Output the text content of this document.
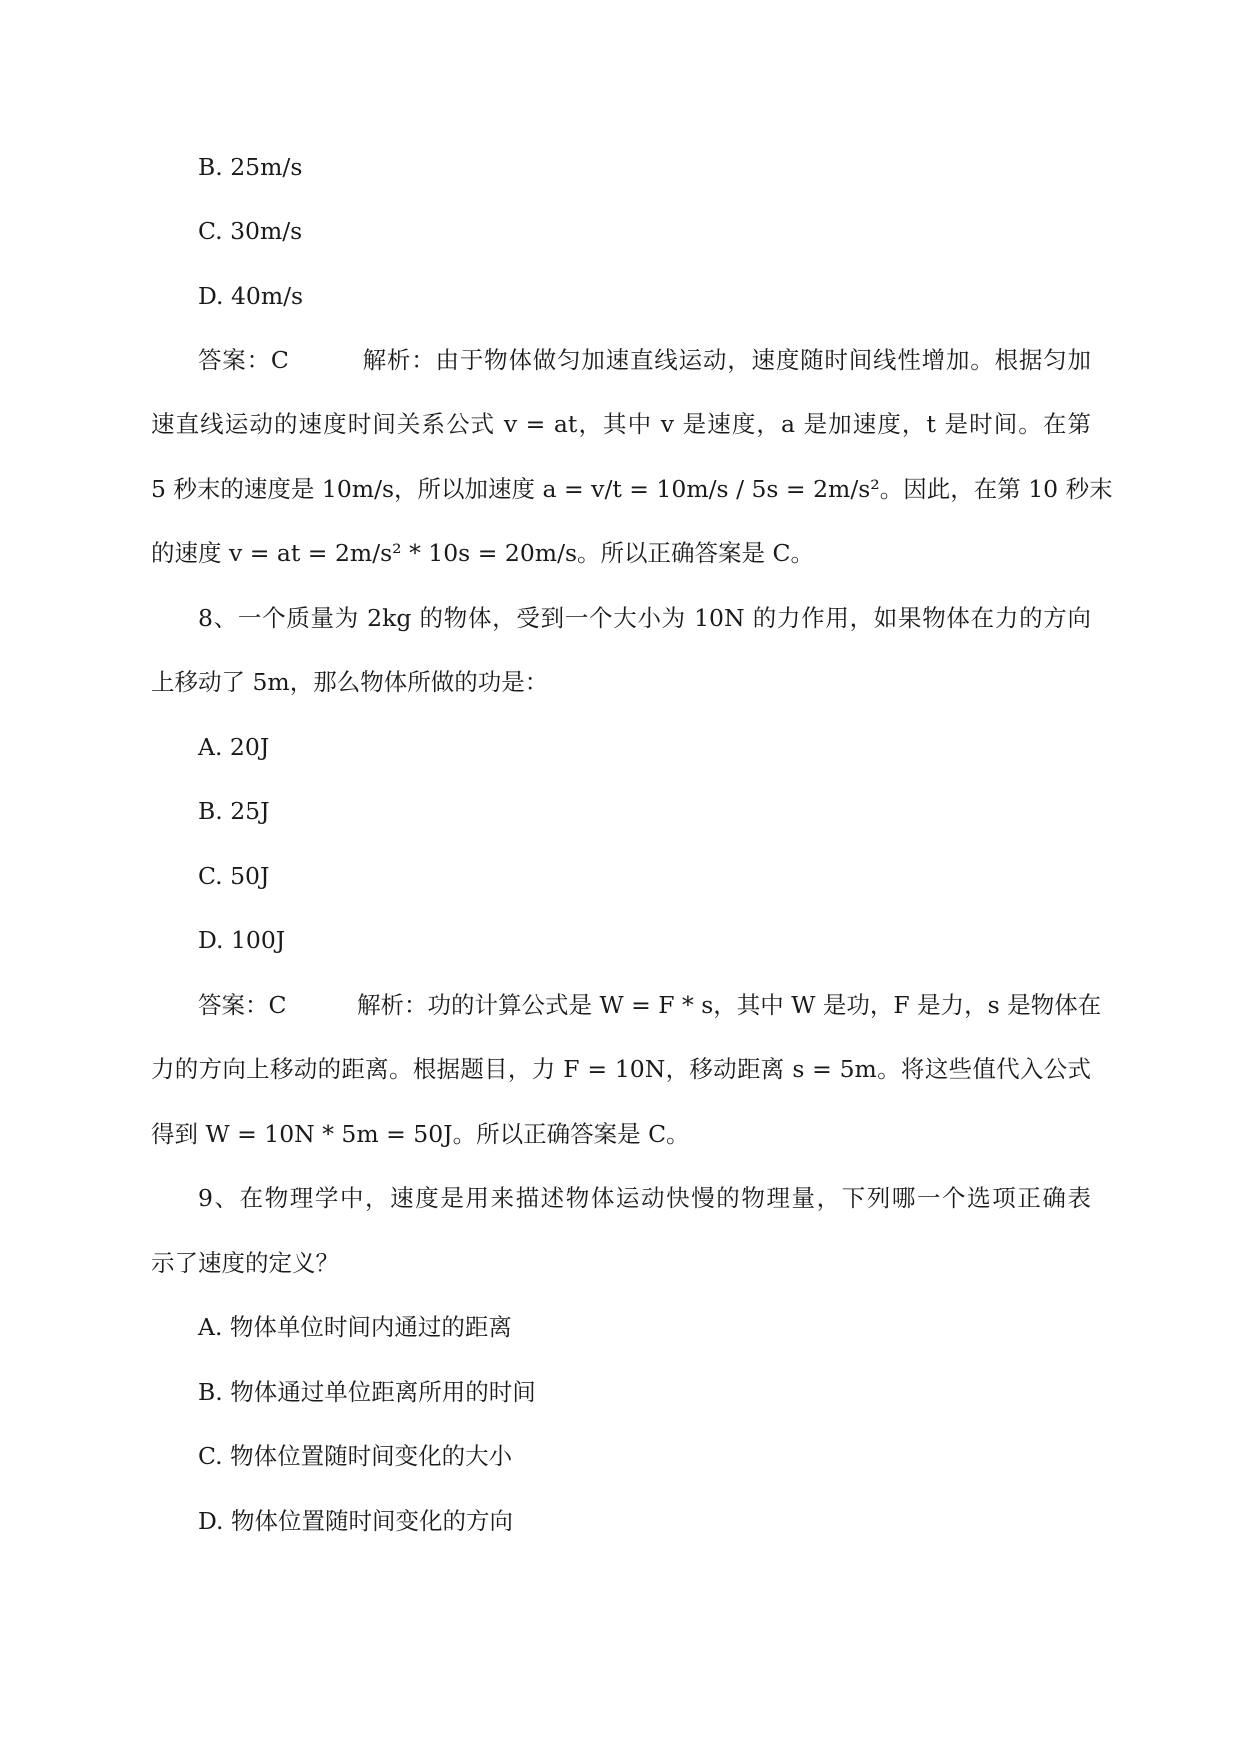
B. 25m/s
C. 30m/s
D. 40m/s
答案：C　　　解析：由于物体做匀加速直线运动，速度随时间线性增加。根据匀加
速直线运动的速度时间关系公式 v = at，其中 v 是速度，a 是加速度，t 是时间。在第
5 秒末的速度是 10m/s，所以加速度 a = v/t = 10m/s / 5s = 2m/s²。因此，在第 10 秒末
的速度 v = at = 2m/s² * 10s = 20m/s。所以正确答案是 C。
8、一个质量为 2kg 的物体，受到一个大小为 10N 的力作用，如果物体在力的方向
上移动了 5m，那么物体所做的功是：
A. 20J
B. 25J
C. 50J
D. 100J
答案：C　　　解析：功的计算公式是 W = F * s，其中 W 是功，F 是力，s 是物体在
力的方向上移动的距离。根据题目，力 F = 10N，移动距离 s = 5m。将这些值代入公式
得到 W = 10N * 5m = 50J。所以正确答案是 C。
9、在物理学中，速度是用来描述物体运动快慢的物理量，下列哪一个选项正确表
示了速度的定义？
A. 物体单位时间内通过的距离
B. 物体通过单位距离所用的时间
C. 物体位置随时间变化的大小
D. 物体位置随时间变化的方向
